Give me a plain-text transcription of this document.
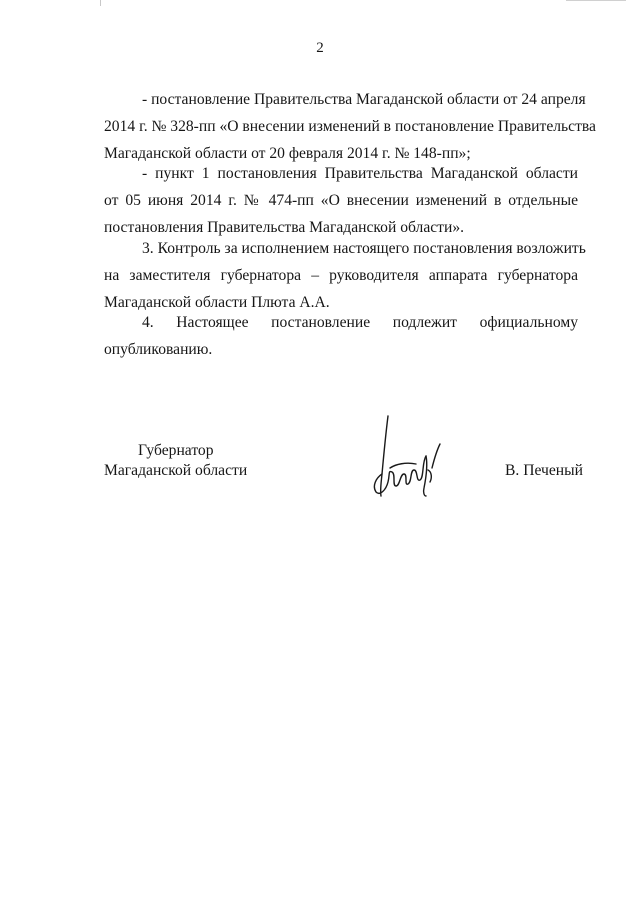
2
- постановление Правительства Магаданской области от 24 апреля
2014 г. № 328-пп «О внесении изменений в постановление Правительства
Магаданской области от 20 февраля 2014 г. № 148-пп»;
- пункт 1 постановления Правительства Магаданской области
от 05 июня 2014 г. № 474-пп «О внесении изменений в отдельные
постановления Правительства Магаданской области».
3. Контроль за исполнением настоящего постановления возложить
на заместителя губернатора – руководителя аппарата губернатора
Магаданской области Плюта А.А.
4. Настоящее постановление подлежит официальному
опубликованию.
Губернатор
Магаданской области	В. Печеный
